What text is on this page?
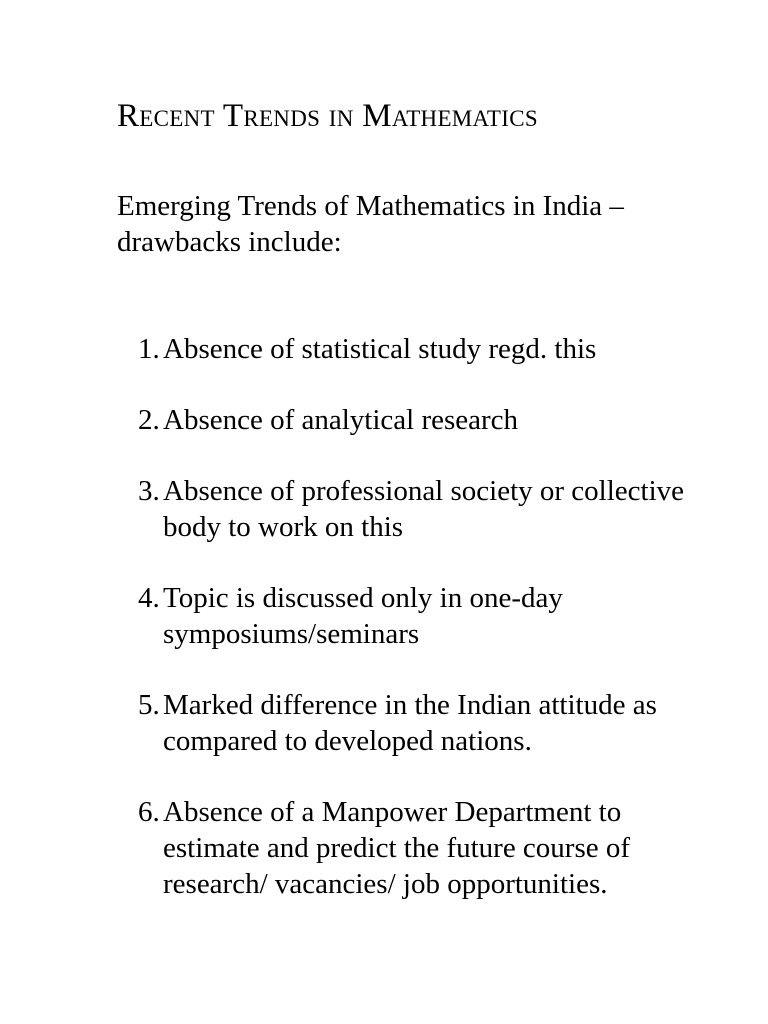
Recent Trends in Mathematics

Emerging Trends of Mathematics in India – drawbacks include:

1. Absence of statistical study regd. this
2. Absence of analytical research
3. Absence of professional society or collective body to work on this
4. Topic is discussed only in one-day symposiums/seminars
5. Marked difference in the Indian attitude as compared to developed nations.
6. Absence of a Manpower Department to estimate and predict the future course of research/ vacancies/ job opportunities.
